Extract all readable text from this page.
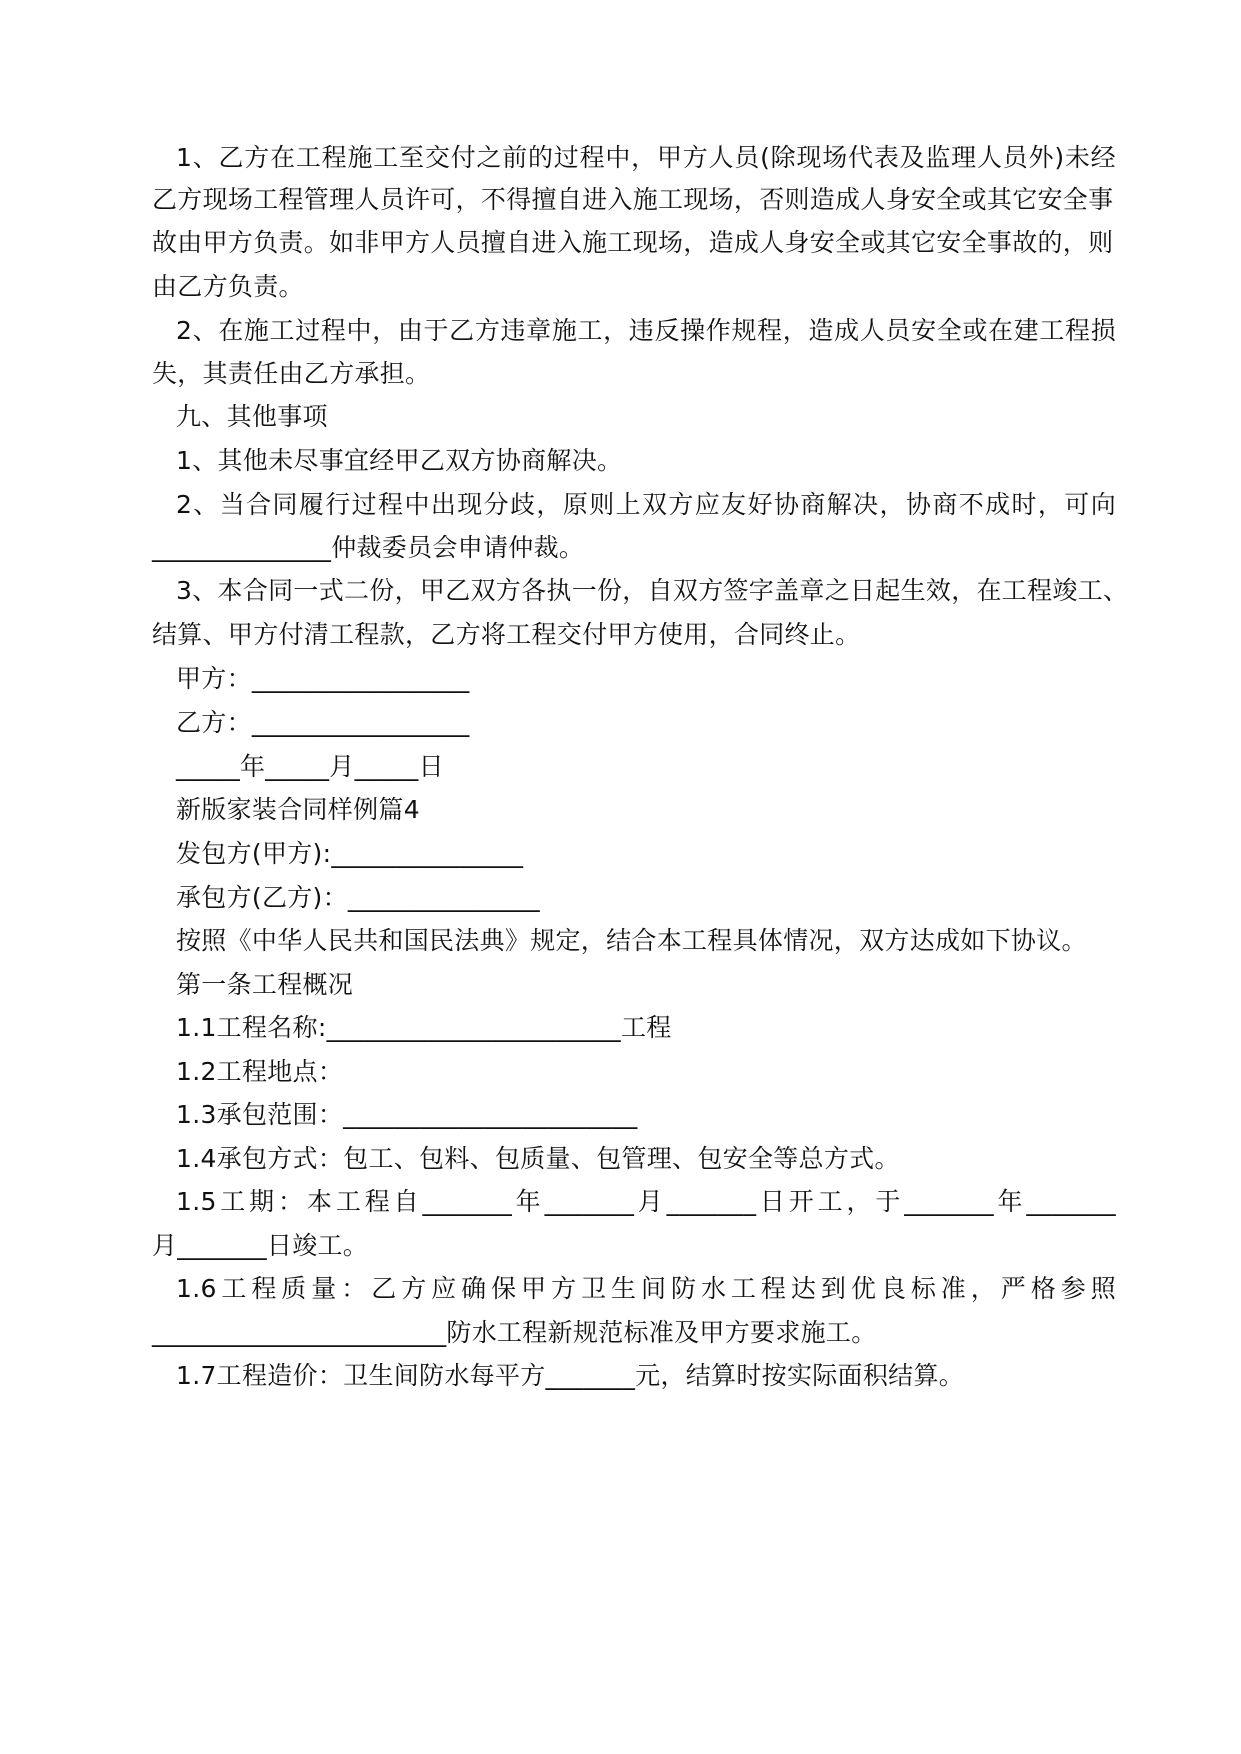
1、乙方在工程施工至交付之前的过程中，甲方人员(除现场代表及监理人员外)未经
乙方现场工程管理人员许可，不得擅自进入施工现场，否则造成人身安全或其它安全事
故由甲方负责。如非甲方人员擅自进入施工现场，造成人身安全或其它安全事故的，则
由乙方负责。
2、在施工过程中，由于乙方违章施工，违反操作规程，造成人员安全或在建工程损
失，其责任由乙方承担。
九、其他事项
1、其他未尽事宜经甲乙双方协商解决。
2、当合同履行过程中出现分歧，原则上双方应友好协商解决，协商不成时，可向
______________仲裁委员会申请仲裁。
3、本合同一式二份，甲乙双方各执一份，自双方签字盖章之日起生效，在工程竣工、
结算、甲方付清工程款，乙方将工程交付甲方使用，合同终止。
甲方：_________________
乙方：_________________
_____年_____月_____日
新版家装合同样例篇4
发包方(甲方):_______________
承包方(乙方)：_______________
按照《中华人民共和国民法典》规定，结合本工程具体情况，双方达成如下协议。
第一条工程概况
1.1工程名称:_______________________工程
1.2工程地点：
1.3承包范围：_______________________
1.4承包方式：包工、包料、包质量、包管理、包安全等总方式。
1.5工期：本工程自_______年_______月_______日开工，于_______年_______
月_______日竣工。
1.6工程质量：乙方应确保甲方卫生间防水工程达到优良标准，严格参照
_______________________防水工程新规范标准及甲方要求施工。
1.7工程造价：卫生间防水每平方_______元，结算时按实际面积结算。
